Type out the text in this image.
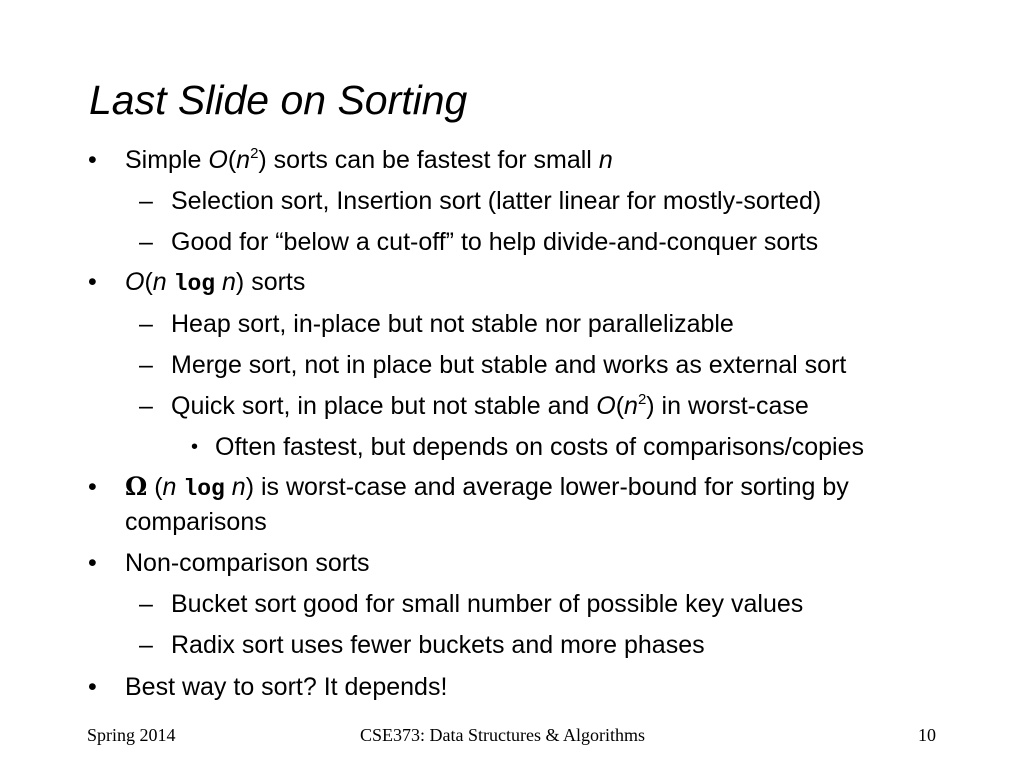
Last Slide on Sorting
• Simple $O(n^2)$ sorts can be fastest for small n
– Selection sort, Insertion sort (latter linear for mostly-sorted)
– Good for “below a cut-off” to help divide-and-conquer sorts
• O(n log n) sorts
– Heap sort, in-place but not stable nor parallelizable
– Merge sort, not in place but stable and works as external sort
– Quick sort, in place but not stable and $O(n^2)$ in worst-case
• Often fastest, but depends on costs of comparisons/copies
• Ω (n log n) is worst-case and average lower-bound for sorting by
comparisons
• Non-comparison sorts
– Bucket sort good for small number of possible key values
– Radix sort uses fewer buckets and more phases
• Best way to sort? It depends!
Spring 2014	CSE373: Data Structures & Algorithms	10
